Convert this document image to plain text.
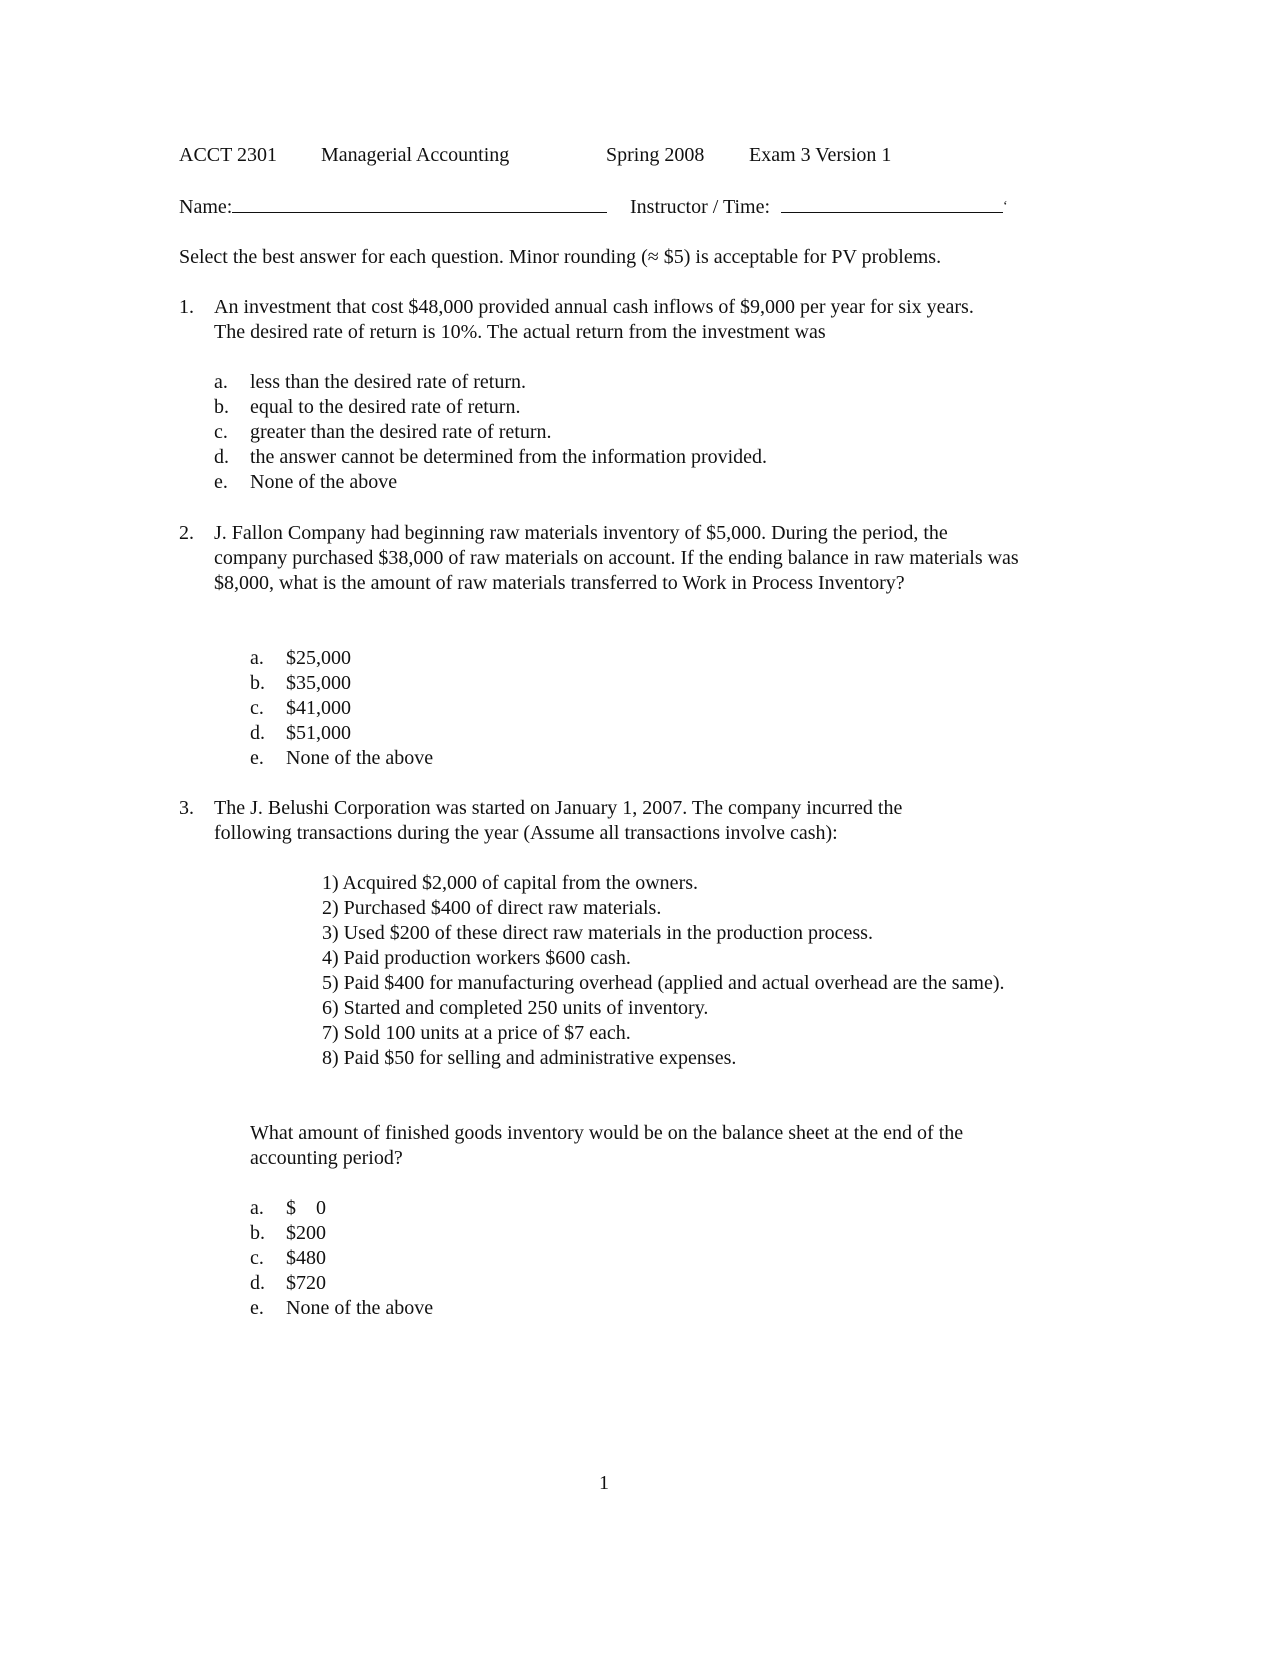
ACCT 2301 Managerial Accounting	Spring 2008 Exam 3 Version 1
Name:	Instructor / Time:	‘
Select the best answer for each question. Minor rounding (≈ $5) is acceptable for PV problems.
1. An investment that cost $48,000 provided annual cash inflows of $9,000 per year for six years. The desired rate of return is 10%. The actual return from the investment was
a.	less than the desired rate of return.
b.	equal to the desired rate of return.
c.	greater than the desired rate of return.
d.	the answer cannot be determined from the information provided.
e.	None of the above
2. J. Fallon Company had beginning raw materials inventory of $5,000. During the period, the company purchased $38,000 of raw materials on account. If the ending balance in raw materials was $8,000, what is the amount of raw materials transferred to Work in Process Inventory?
a.	$25,000
b.	$35,000
c.	$41,000
d.	$51,000
e.	None of the above
3. The J. Belushi Corporation was started on January 1, 2007. The company incurred the following transactions during the year (Assume all transactions involve cash):
1) Acquired $2,000 of capital from the owners.
2) Purchased $400 of direct raw materials.
3) Used $200 of these direct raw materials in the production process.
4) Paid production workers $600 cash.
5) Paid $400 for manufacturing overhead (applied and actual overhead are the same).
6) Started and completed 250 units of inventory.
7) Sold 100 units at a price of $7 each.
8) Paid $50 for selling and administrative expenses.
What amount of finished goods inventory would be on the balance sheet at the end of the accounting period?
a.	$    0
b.	$200
c.	$480
d.	$720
e.	None of the above
1
